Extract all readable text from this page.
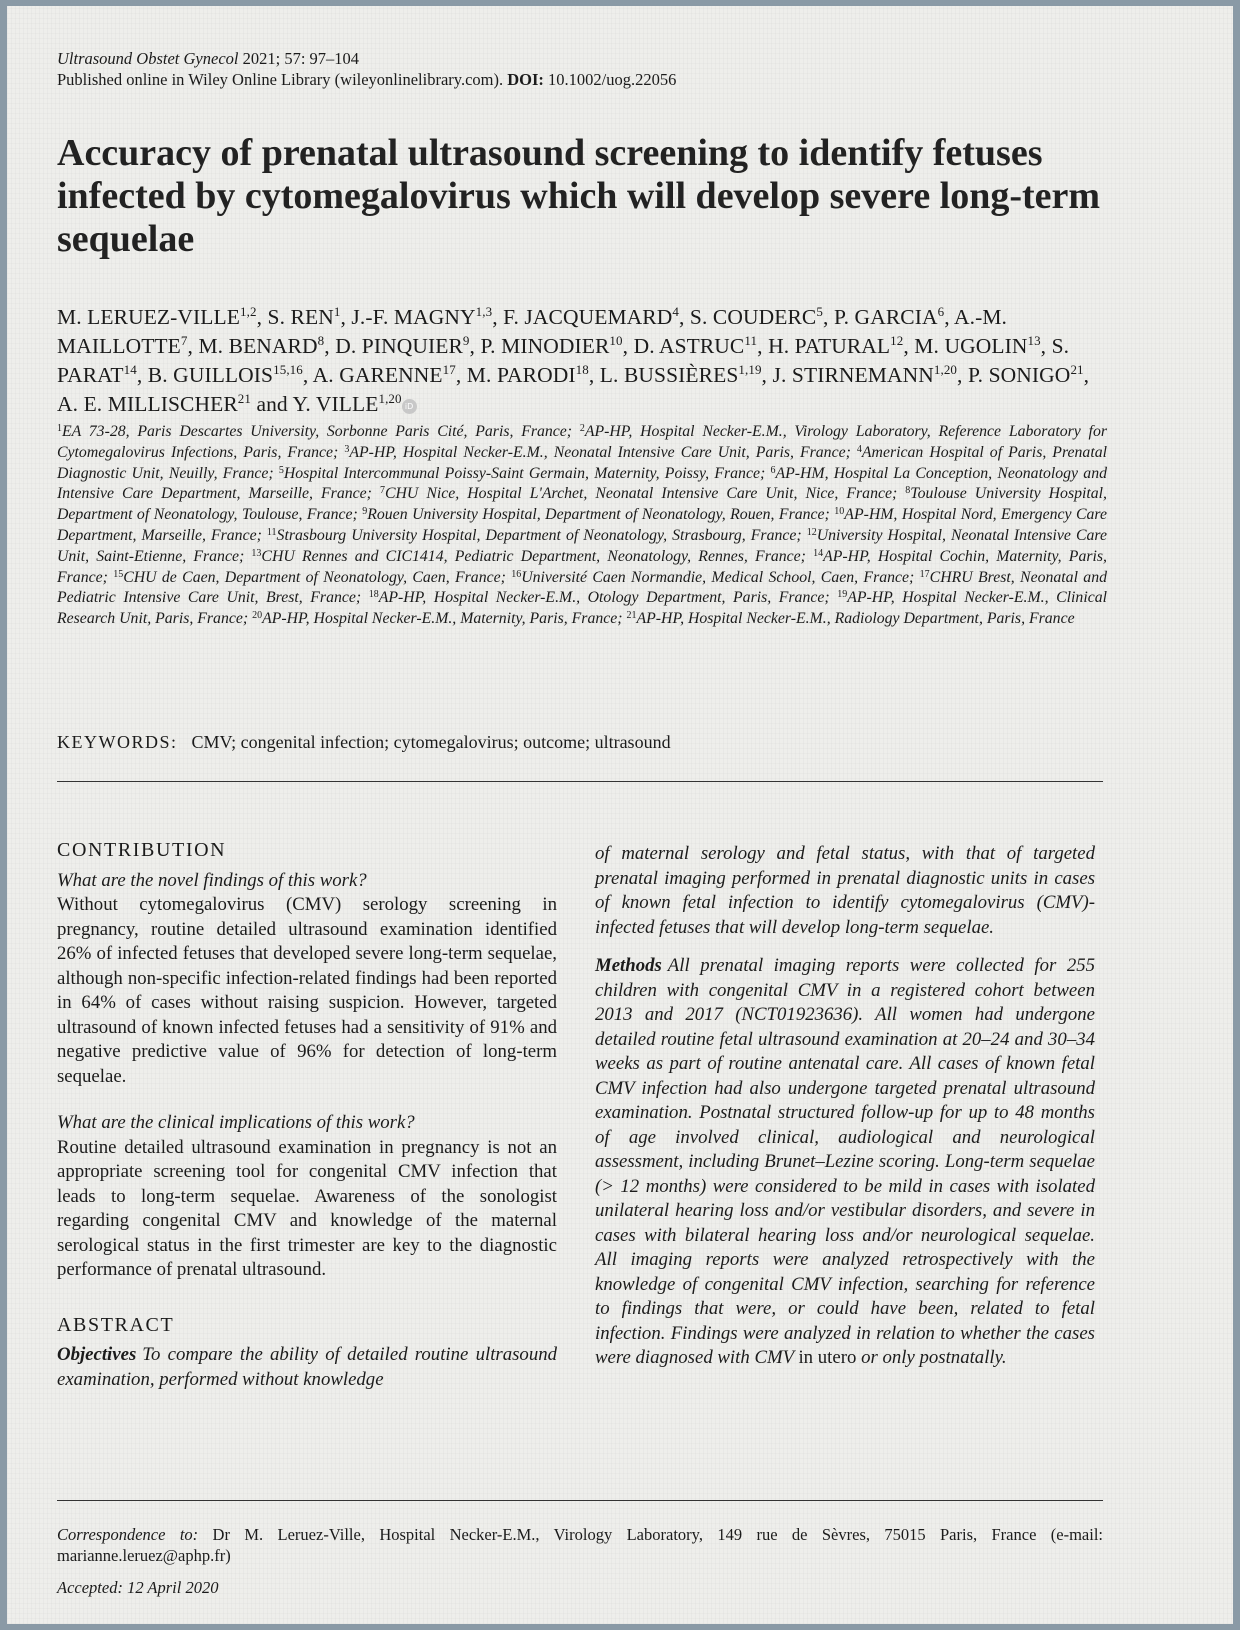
Ultrasound Obstet Gynecol 2021; 57: 97–104
Published online in Wiley Online Library (wileyonlinelibrary.com). DOI: 10.1002/uog.22056
Accuracy of prenatal ultrasound screening to identify fetuses infected by cytomegalovirus which will develop severe long-term sequelae
M. LERUEZ-VILLE$^{1,2}$, S. REN$^1$, J.-F. MAGNY$^{1,3}$, F. JACQUEMARD$^4$, S. COUDERC$^5$, P. GARCIA$^6$, A.-M. MAILLOTTE$^7$, M. BENARD$^8$, D. PINQUIER$^9$, P. MINODIER$^{10}$, D. ASTRUC$^{11}$, H. PATURAL$^{12}$, M. UGOLIN$^{13}$, S. PARAT$^{14}$, B. GUILLOIS$^{15,16}$, A. GARENNE$^{17}$, M. PARODI$^{18}$, L. BUSSIÈRES$^{1,19}$, J. STIRNEMANN$^{1,20}$, P. SONIGO$^{21}$, A. E. MILLISCHER$^{21}$ and Y. VILLE$^{1,20}$iD
$^1$EA 73-28, Paris Descartes University, Sorbonne Paris Cité, Paris, France; $^2$AP-HP, Hospital Necker-E.M., Virology Laboratory, Reference Laboratory for Cytomegalovirus Infections, Paris, France; $^3$AP-HP, Hospital Necker-E.M., Neonatal Intensive Care Unit, Paris, France; $^4$American Hospital of Paris, Prenatal Diagnostic Unit, Neuilly, France; $^5$Hospital Intercommunal Poissy-Saint Germain, Maternity, Poissy, France; $^6$AP-HM, Hospital La Conception, Neonatology and Intensive Care Department, Marseille, France; $^7$CHU Nice, Hospital L'Archet, Neonatal Intensive Care Unit, Nice, France; $^8$Toulouse University Hospital, Department of Neonatology, Toulouse, France; $^9$Rouen University Hospital, Department of Neonatology, Rouen, France; $^{10}$AP-HM, Hospital Nord, Emergency Care Department, Marseille, France; $^{11}$Strasbourg University Hospital, Department of Neonatology, Strasbourg, France; $^{12}$University Hospital, Neonatal Intensive Care Unit, Saint-Etienne, France; $^{13}$CHU Rennes and CIC1414, Pediatric Department, Neonatology, Rennes, France; $^{14}$AP-HP, Hospital Cochin, Maternity, Paris, France; $^{15}$CHU de Caen, Department of Neonatology, Caen, France; $^{16}$Université Caen Normandie, Medical School, Caen, France; $^{17}$CHRU Brest, Neonatal and Pediatric Intensive Care Unit, Brest, France; $^{18}$AP-HP, Hospital Necker-E.M., Otology Department, Paris, France; $^{19}$AP-HP, Hospital Necker-E.M., Clinical Research Unit, Paris, France; $^{20}$AP-HP, Hospital Necker-E.M., Maternity, Paris, France; $^{21}$AP-HP, Hospital Necker-E.M., Radiology Department, Paris, France
KEYWORDS: CMV; congenital infection; cytomegalovirus; outcome; ultrasound
CONTRIBUTION

What are the novel findings of this work?

Without cytomegalovirus (CMV) serology screening in pregnancy, routine detailed ultrasound examination identified 26% of infected fetuses that developed severe long-term sequelae, although non-specific infection-related findings had been reported in 64% of cases without raising suspicion. However, targeted ultrasound of known infected fetuses had a sensitivity of 91% and negative predictive value of 96% for detection of long-term sequelae.

What are the clinical implications of this work?

Routine detailed ultrasound examination in pregnancy is not an appropriate screening tool for congenital CMV infection that leads to long-term sequelae. Awareness of the sonologist regarding congenital CMV and knowledge of the maternal serological status in the first trimester are key to the diagnostic performance of prenatal ultrasound.

ABSTRACT

Objectives To compare the ability of detailed routine ultrasound examination, performed without knowledge

of maternal serology and fetal status, with that of targeted prenatal imaging performed in prenatal diagnostic units in cases of known fetal infection to identify cytomegalovirus (CMV)-infected fetuses that will develop long-term sequelae.

Methods All prenatal imaging reports were collected for 255 children with congenital CMV in a registered cohort between 2013 and 2017 (NCT01923636). All women had undergone detailed routine fetal ultrasound examination at 20–24 and 30–34 weeks as part of routine antenatal care. All cases of known fetal CMV infection had also undergone targeted prenatal ultrasound examination. Postnatal structured follow-up for up to 48 months of age involved clinical, audiological and neurological assessment, including Brunet–Lezine scoring. Long-term sequelae (> 12 months) were considered to be mild in cases with isolated unilateral hearing loss and/or vestibular disorders, and severe in cases with bilateral hearing loss and/or neurological sequelae. All imaging reports were analyzed retrospectively with the knowledge of congenital CMV infection, searching for reference to findings that were, or could have been, related to fetal infection. Findings were analyzed in relation to whether the cases were diagnosed with CMV in utero or only postnatally.

Correspondence to: Dr M. Leruez-Ville, Hospital Necker-E.M., Virology Laboratory, 149 rue de Sèvres, 75015 Paris, France (e-mail: marianne.leruez@aphp.fr)
Accepted: 12 April 2020
